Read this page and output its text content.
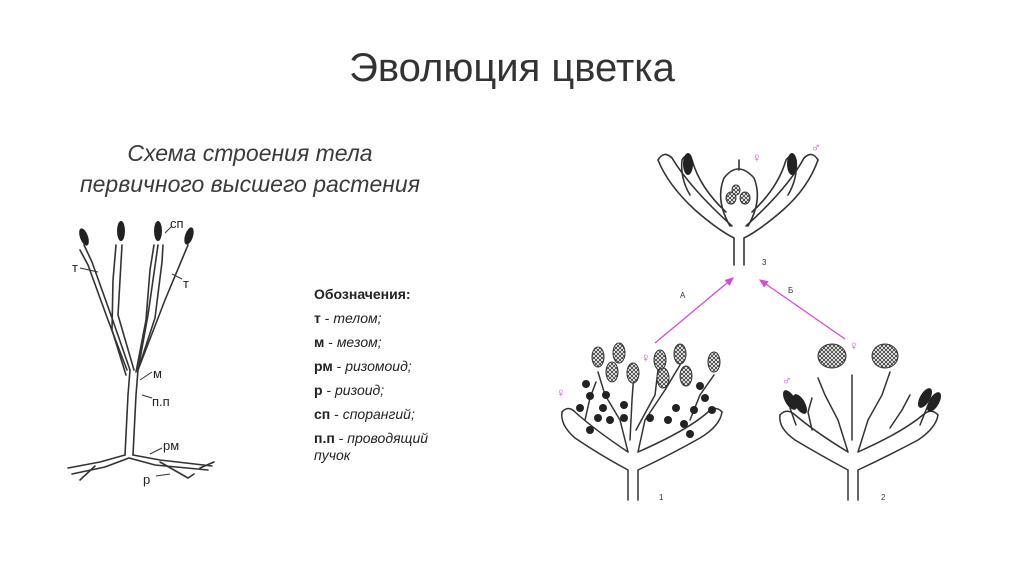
Эволюция цветка
Схема строения тела
первичного высшего растения
Обозначения:
т - телом;
м - мезом;
рм - ризомоид;
р - ризоид;
сп - спорангий;
п.п - проводящий пучок
сп
т
т
м
п.п
рм
р
А
Б
3
1	2
♀
♂
♀
♀
♀
♂
